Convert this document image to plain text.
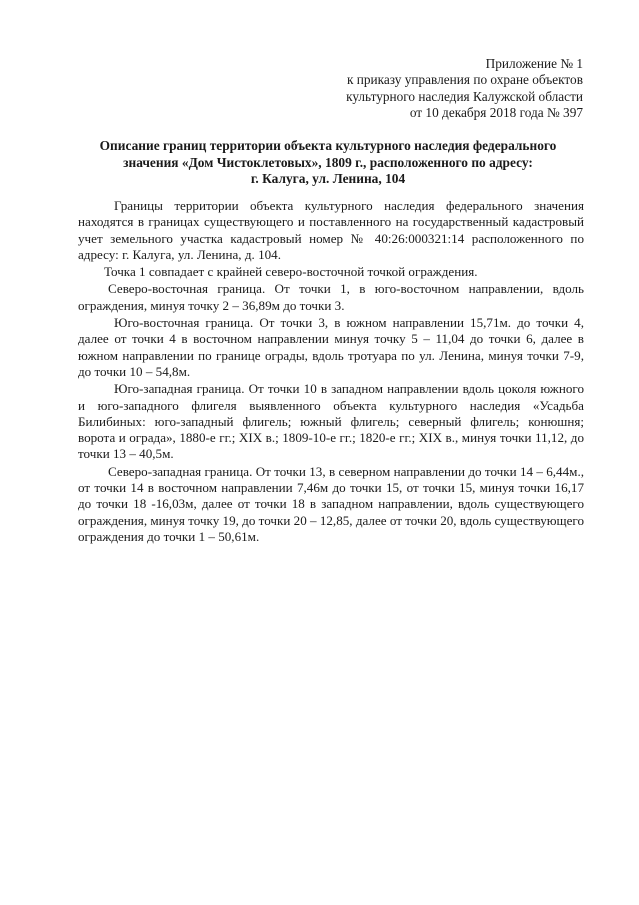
Приложение № 1
к приказу управления по охране объектов
культурного наследия Калужской области
от 10 декабря 2018 года № 397
Описание границ территории объекта культурного наследия федерального
значения «Дом Чистоклетовых», 1809 г., расположенного по адресу:
г. Калуга, ул. Ленина, 104

Границы территории объекта культурного наследия федерального значения находятся в границах существующего и поставленного на государственный кадастровый учет земельного участка кадастровый номер № 40:26:000321:14 расположенного по адресу: г. Калуга, ул. Ленина, д. 104.

Точка 1 совпадает с крайней северо-восточной точкой ограждения.

Северо-восточная граница. От точки 1, в юго-восточном направлении, вдоль ограждения, минуя точку 2 – 36,89м до точки 3.

Юго-восточная граница. От точки 3, в южном направлении 15,71м. до точки 4, далее от точки 4 в восточном направлении минуя точку 5 – 11,04 до точки 6, далее в южном направлении по границе ограды, вдоль тротуара по ул. Ленина, минуя точки 7-9, до точки 10 – 54,8м.

Юго-западная граница. От точки 10 в западном направлении вдоль цоколя южного и юго-западного флигеля выявленного объекта культурного наследия «Усадьба Билибиных: юго-западный флигель; южный флигель; северный флигель; конюшня; ворота и ограда», 1880-е гг.; XIX в.; 1809-10-е гг.; 1820-е гг.; XIX в., минуя точки 11,12, до точки 13 – 40,5м.

Северо-западная граница. От точки 13, в северном направлении до точки 14 – 6,44м., от точки 14 в восточном направлении 7,46м до точки 15, от точки 15, минуя точки 16,17 до точки 18 -16,03м, далее от точки 18 в западном направлении, вдоль существующего ограждения, минуя точку 19, до точки 20 – 12,85, далее от точки 20, вдоль существующего ограждения до точки 1 – 50,61м.
